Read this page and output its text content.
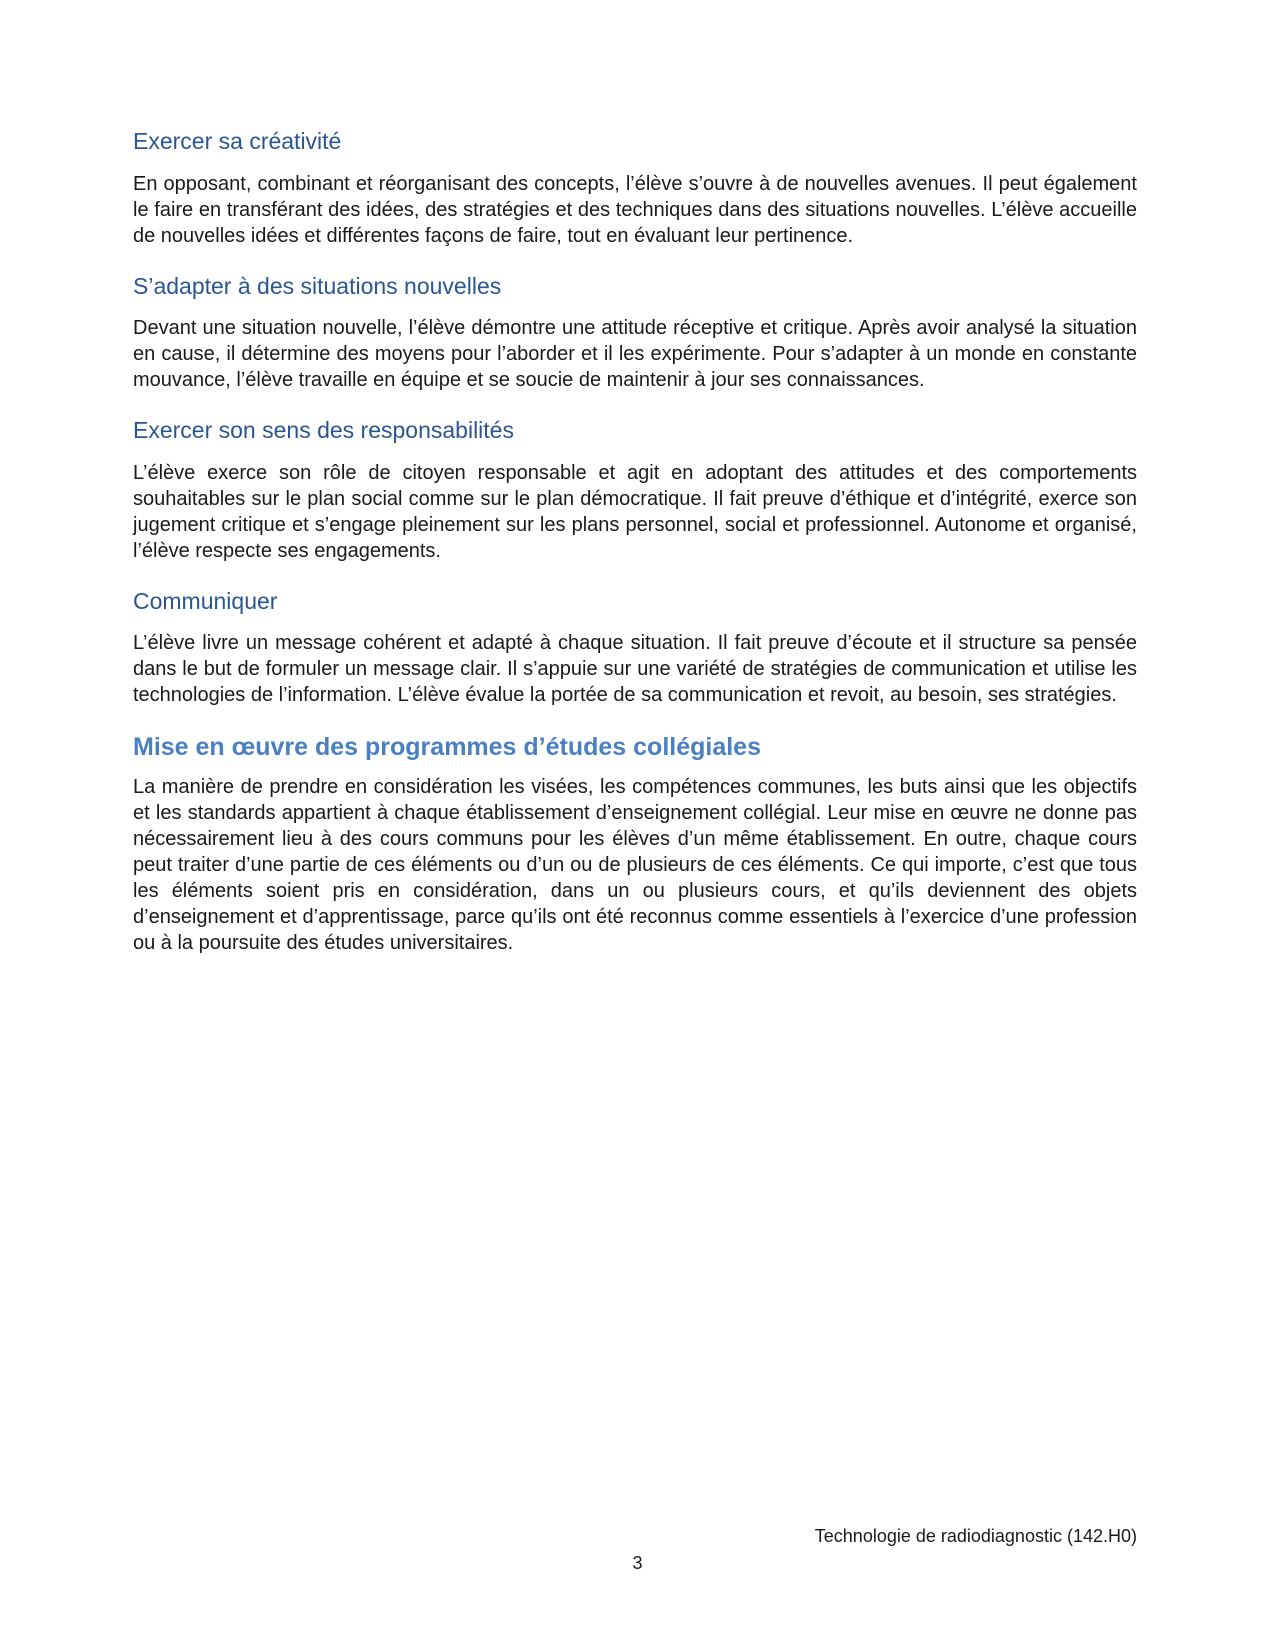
Exercer sa créativité

En opposant, combinant et réorganisant des concepts, l’élève s’ouvre à de nouvelles avenues. Il peut également le faire en transférant des idées, des stratégies et des techniques dans des situations nouvelles. L’élève accueille de nouvelles idées et différentes façons de faire, tout en évaluant leur pertinence.

S’adapter à des situations nouvelles

Devant une situation nouvelle, l’élève démontre une attitude réceptive et critique. Après avoir analysé la situation en cause, il détermine des moyens pour l’aborder et il les expérimente. Pour s’adapter à un monde en constante mouvance, l’élève travaille en équipe et se soucie de maintenir à jour ses connaissances.

Exercer son sens des responsabilités

L’élève exerce son rôle de citoyen responsable et agit en adoptant des attitudes et des comportements souhaitables sur le plan social comme sur le plan démocratique. Il fait preuve d’éthique et d’intégrité, exerce son jugement critique et s’engage pleinement sur les plans personnel, social et professionnel. Autonome et organisé, l’élève respecte ses engagements.

Communiquer

L’élève livre un message cohérent et adapté à chaque situation. Il fait preuve d’écoute et il structure sa pensée dans le but de formuler un message clair. Il s’appuie sur une variété de stratégies de communication et utilise les technologies de l’information. L’élève évalue la portée de sa communication et revoit, au besoin, ses stratégies.

Mise en œuvre des programmes d’études collégiales

La manière de prendre en considération les visées, les compétences communes, les buts ainsi que les objectifs et les standards appartient à chaque établissement d’enseignement collégial. Leur mise en œuvre ne donne pas nécessairement lieu à des cours communs pour les élèves d’un même établissement. En outre, chaque cours peut traiter d’une partie de ces éléments ou d’un ou de plusieurs de ces éléments. Ce qui importe, c’est que tous les éléments soient pris en considération, dans un ou plusieurs cours, et qu’ils deviennent des objets d’enseignement et d’apprentissage, parce qu’ils ont été reconnus comme essentiels à l’exercice d’une profession ou à la poursuite des études universitaires.

Technologie de radiodiagnostic (142.H0)
3
